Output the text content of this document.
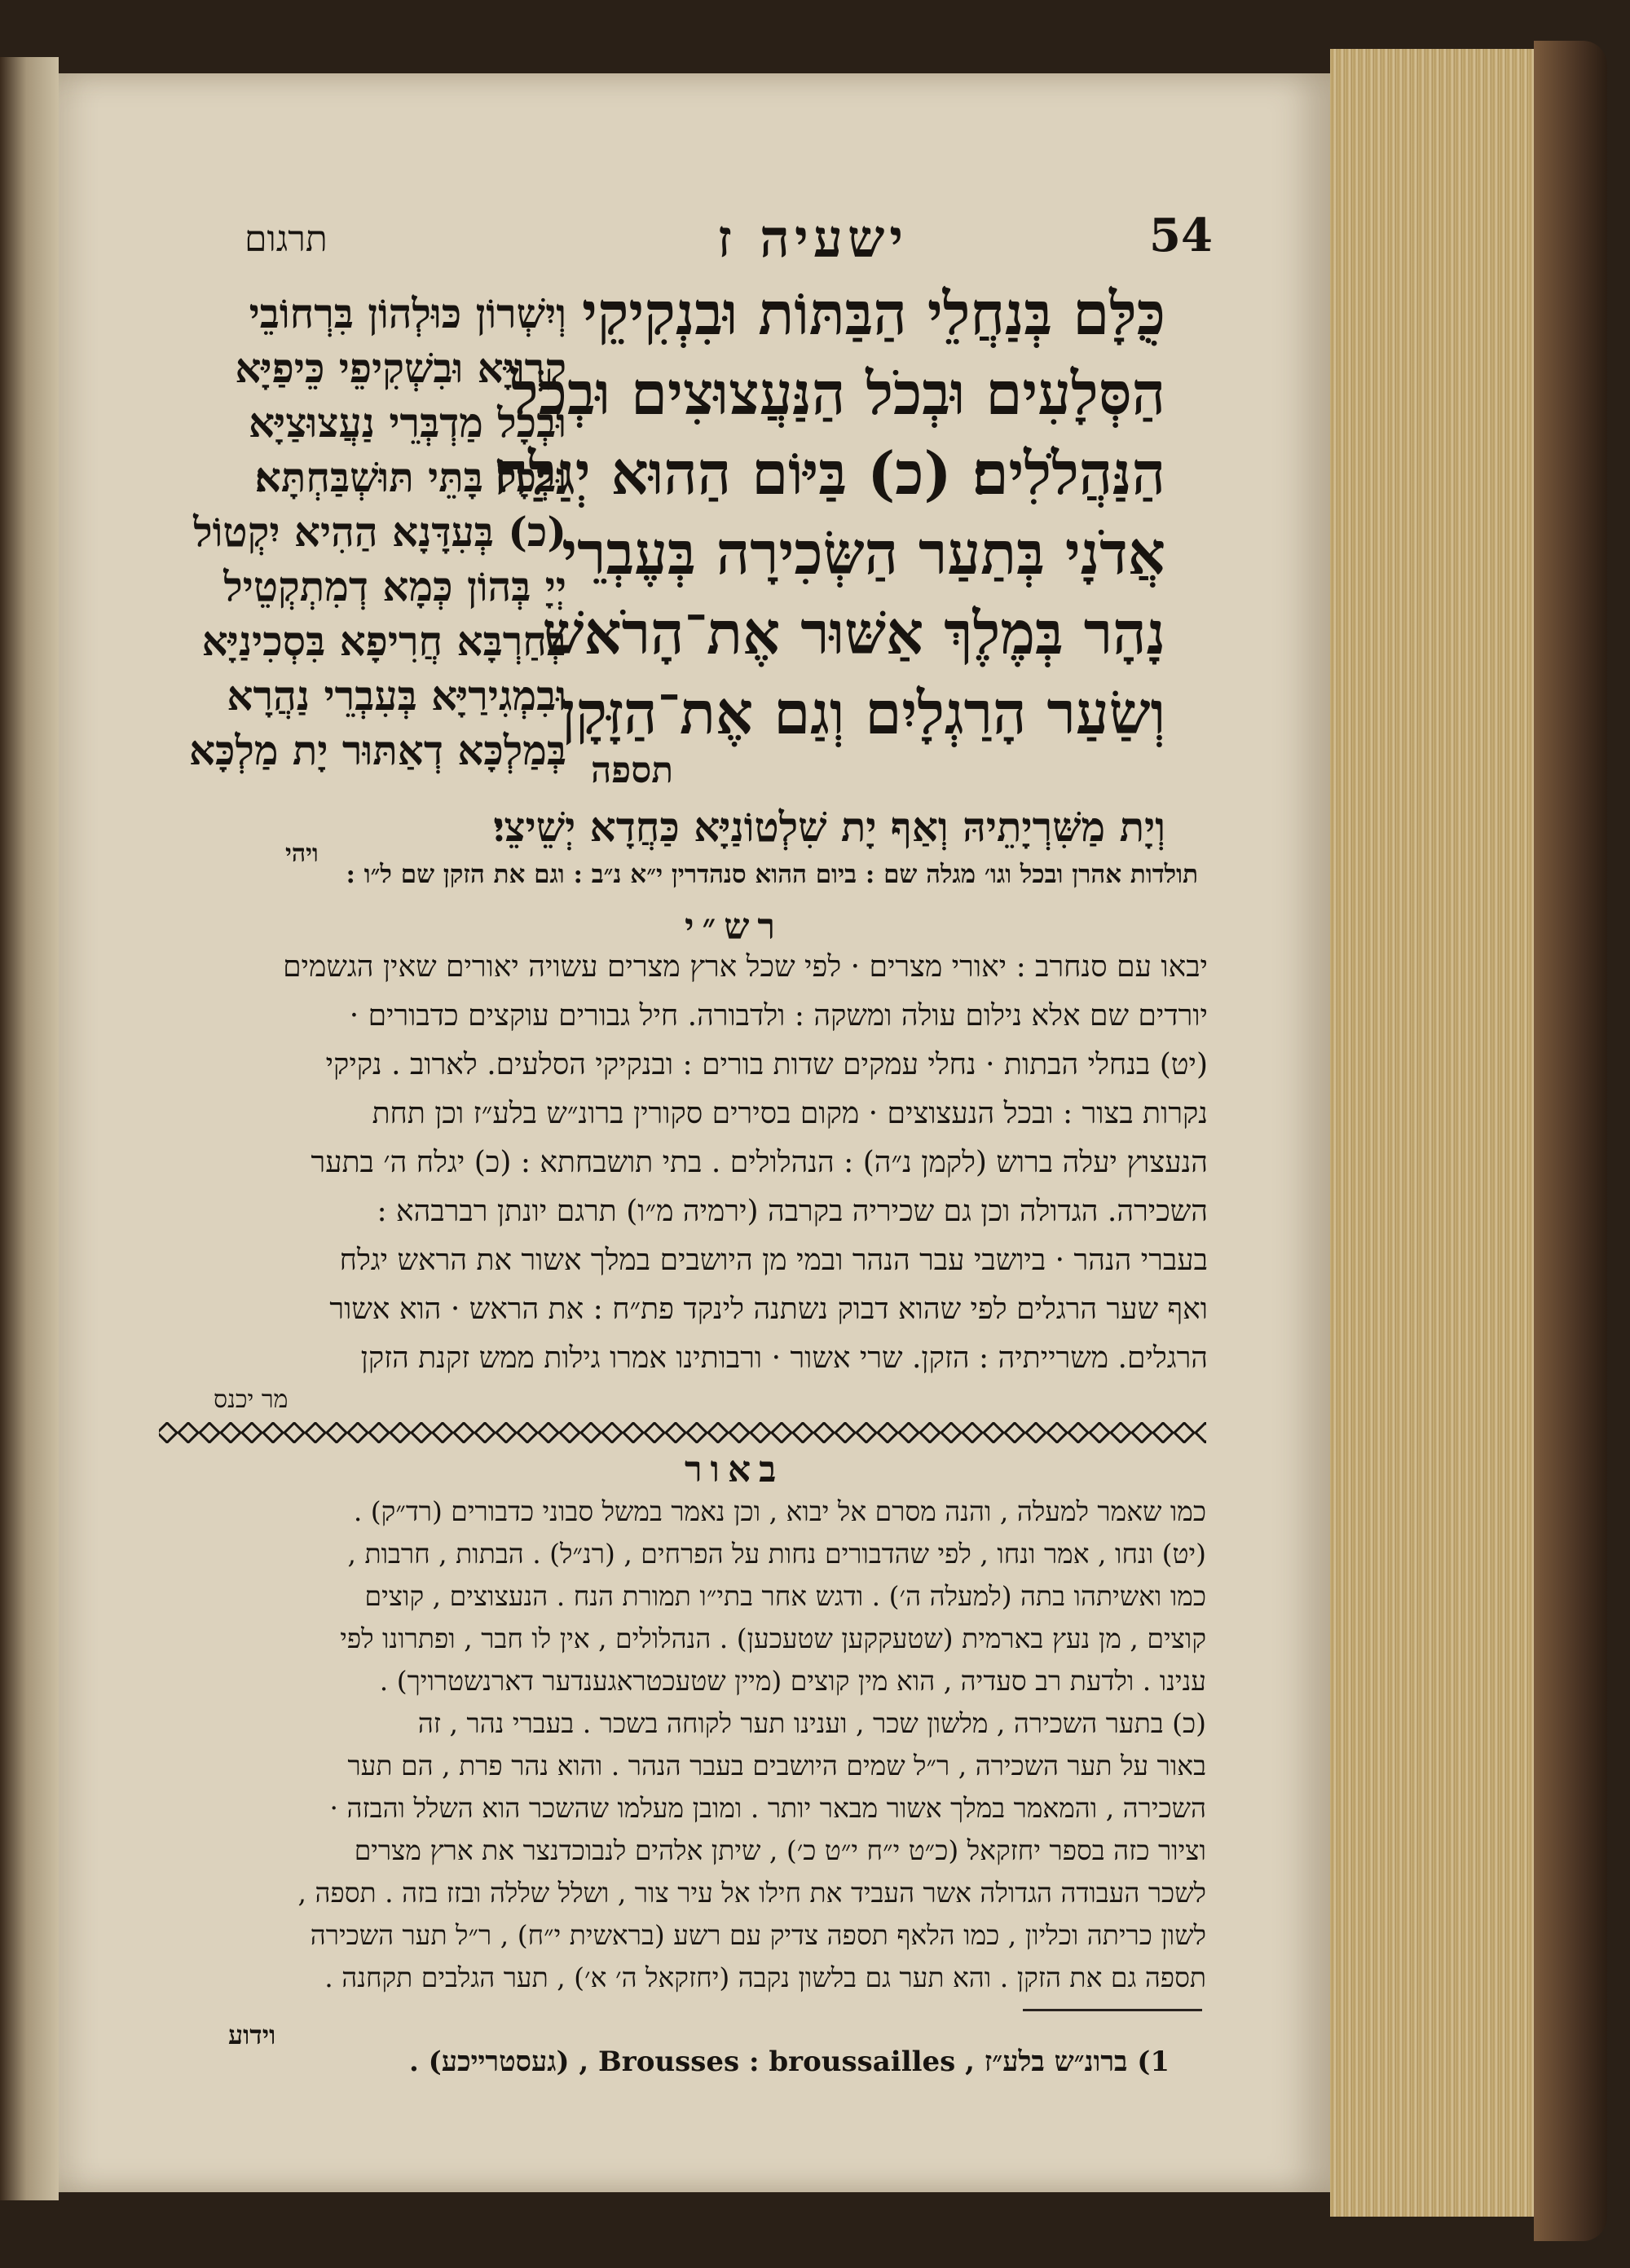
תרגום	ישעיה ז	54
כֻּלָּם בְּנַחֲלֵי הַבַּתּוֹת וּבִנְקִיקֵי
הַסְּלָעִים וּבְכֹל הַנַּעֲצוּצִים וּבְכֹל
הַנַּהֲלֹלִים׃ (כ) בַּיּוֹם הַהוּא יְגַלַּח
אֲדֹנָי בְּתַעַר הַשְּׂכִירָה בְּעֶבְרֵי
נָהָר בְּמֶלֶךְ אַשּׁוּר אֶת־הָרֹאשׁ
וְשַׂעַר הָרַגְלָיִם וְגַם אֶת־הַזָּקָן
וְיִשְׁרוֹן כּוּלְהוֹן בִּרְחוֹבֵי
קִרְוַיָּא וּבִשְׁקִיפֵי כֵּיפַיָּא
וּבְכָל מַדְבְּרֵי נַעֲצוּצַיָּא
וּבְכָל בָּתֵּי תּוּשְׁבַּחְתָּא׃
(כ) בְּעִדָּנָא הַהִיא יִקְטוֹל
יְיָ בְּהוֹן כְּמָא דְמִתְקְטֵיל
בְּחַרְבָּא חֲרִיפָא בִּסְכִינַיָּא
וּבִמְגִירַיָּא בְּעִבְרֵי נַהֲרָא
בְּמַלְכָּא דְאַתּוּר יָת מַלְכָּא תספה
וְיָת מַשִּׁרְיָתֵיהּ וְאַף יָת שִׁלְטוֹנַיָּא כַּחֲדָא יְשֵׁיצֵי׃
ויהי
תולדות אהרן ובכל וגו׳ מגלה שם : ביום ההוא סנהדרין י״א נ״ב : וגם את הזקן שם ל״ו :
רש״י
יבאו עם סנחרב : יאורי מצרים · לפי שכל ארץ מצרים עשויה יאורים שאין הגשמים
יורדים שם אלא נילום עולה ומשקה : ולדבורה. חיל גבורים עוקצים כדבורים ·
(יט) בנחלי הבתות · נחלי עמקים שדות בורים : ובנקיקי הסלעים. לארוב . נקיקי
נקרות בצור : ובכל הנעצוצים · מקום בסירים סקורין ברונ״ש בלע״ז וכן תחת
הנעצוץ יעלה ברוש (לקמן נ״ה) : הנהלולים . בתי תושבחתא : (כ) יגלח ה׳ בתער
השכירה. הגדולה וכן גם שכיריה בקרבה (ירמיה מ״ו) תרגם יונתן רברבהא :
בעברי הנהר · ביושבי עבר הנהר ובמי מן היושבים במלך אשור את הראש יגלח
ואף שער הרגלים לפי שהוא דבוק נשתנה לינקד פת״ח : את הראש · הוא אשור
הרגלים. משרייתיה : הזקן. שרי אשור · ורבותינו אמרו גילות ממש זקנת הזקן
מר יכנס
באור
כמו שאמר למעלה , והנה מסרם אל יבוא , וכן נאמר במשל סבוני כדבורים (רד״ק) .
(יט) ונחו , אמר ונחו , לפי שהדבורים נחות על הפרחים , (רנ״ל) . הבתות , חרבות ,
כמו ואשיתהו בתה (למעלה ה׳) . ודגש אחר בתי״ו תמורת הנח . הנעצוצים , קוצים
קוצים , מן נעץ בארמית (שטעקקען שטעכען) . הנהלולים , אין לו חבר , ופתרונו לפי
ענינו . ולדעת רב סעדיה , הוא מין קוצים (מיין שטעכטראגענדער דארנשטרויך) .
(כ) בתער השכירה , מלשון שכר , וענינו תער לקוחה בשכר . בעברי נהר , זה
באור על תער השכירה , ר״ל שמים היושבים בעבר הנהר . והוא נהר פרת , הם תער
השכירה , והמאמר במלך אשור מבאר יותר . ומובן מעלמו שהשכר הוא השלל והבזה ·
וציור כזה בספר יחזקאל (כ״ט י״ח י״ט כ׳) , שיתן אלהים לנבוכדנצר את ארץ מצרים
לשכר העבודה הגדולה אשר העביד את חילו אל עיר צור , ושלל שללה ובזז בזה . תספה ,
לשון כריתה וכליון , כמו הלאף תספה צדיק עם רשע (בראשית י״ח) , ר״ל תער השכירה
תספה גם את הזקן . והא תער גם בלשון נקבה (יחזקאל ה׳ א׳) , תער הגלבים תקחנה .
וידוע
1) ברונ״ש בלע״ז , Brousses : broussailles , (געסטרייכע) .
